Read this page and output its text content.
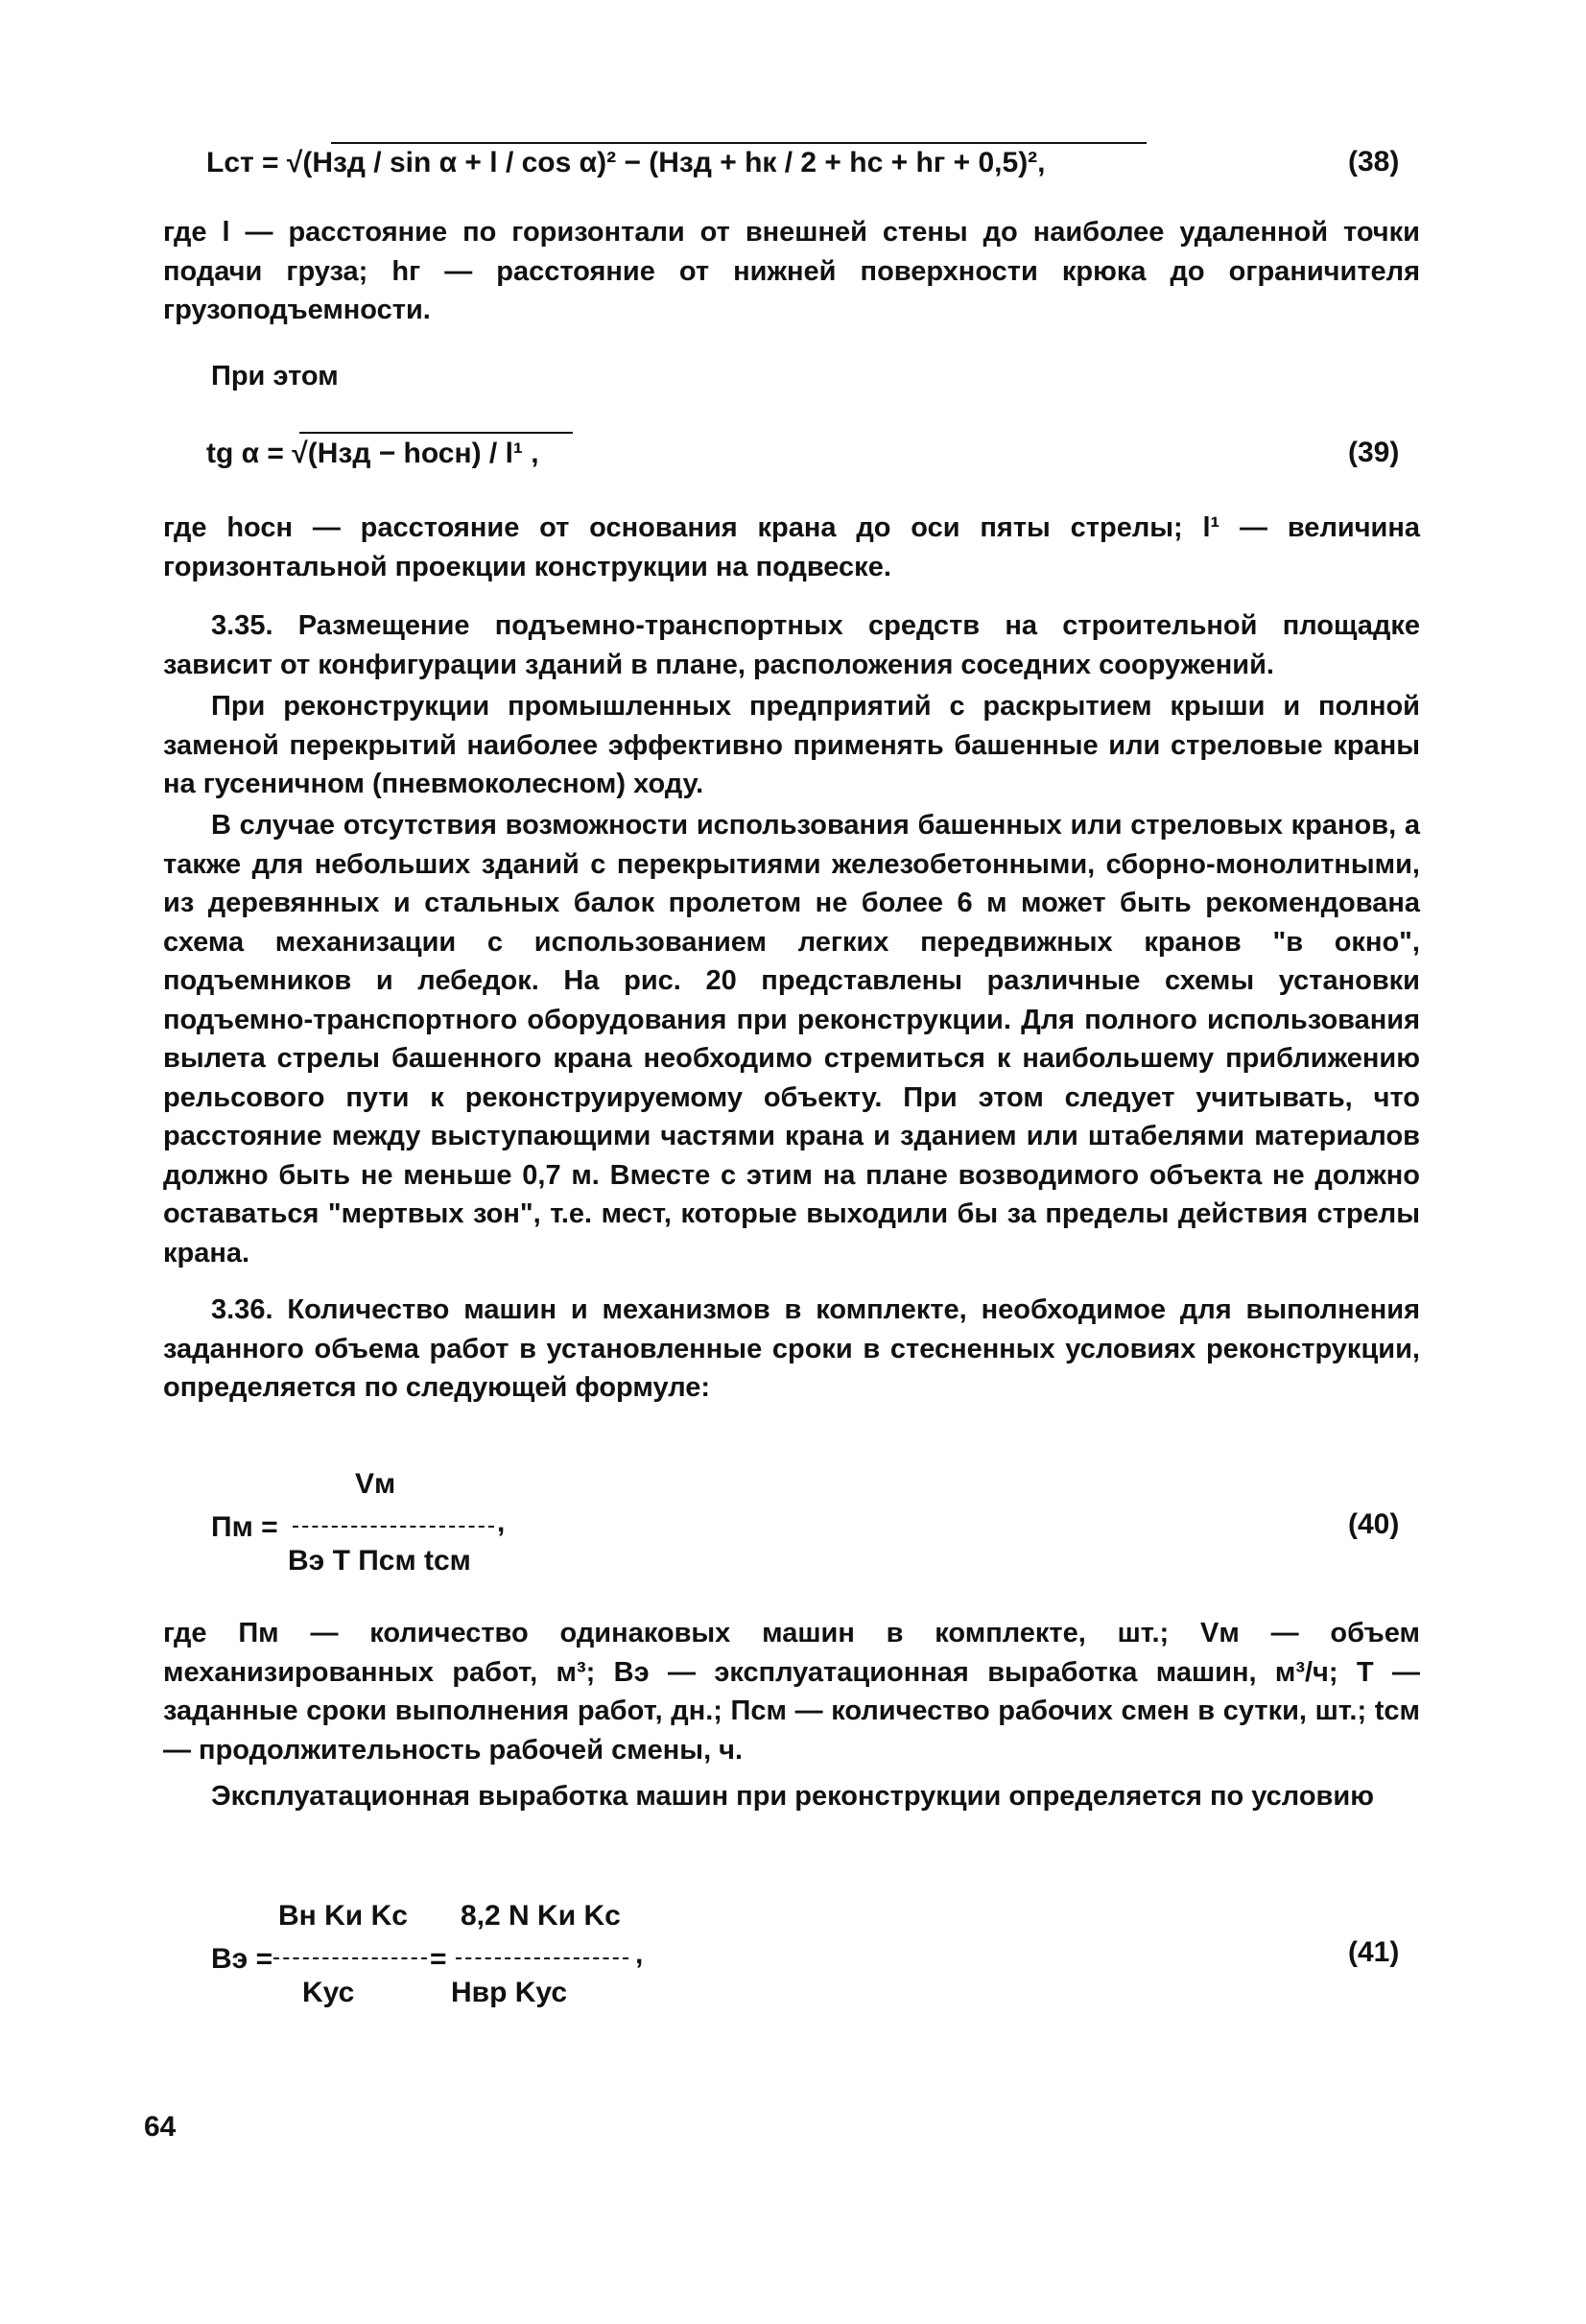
Lст = √(Hзд / sin α + l / cos α)² − (Hзд + hк / 2 + hс + hг + 0,5)²,	(38)
где l — расстояние по горизонтали от внешней стены до наиболее удаленной точки подачи груза; hг — расстояние от нижней поверхности крюка до ограничителя грузоподъемности.
При этом
tg α = √(Hзд − hосн) / l¹ ,	(39)
где hосн — расстояние от основания крана до оси пяты стрелы; l¹ — величина горизонтальной проекции конструкции на подвеске.
3.35. Размещение подъемно-транспортных средств на строительной площадке зависит от конфигурации зданий в плане, расположения соседних сооружений.
При реконструкции промышленных предприятий с раскрытием крыши и полной заменой перекрытий наиболее эффективно применять башенные или стреловые краны на гусеничном (пневмоколесном) ходу.
В случае отсутствия возможности использования башенных или стреловых кранов, а также для небольших зданий с перекрытиями железобетонными, сборно-монолитными, из деревянных и стальных балок пролетом не более 6 м может быть рекомендована схема механизации с использованием легких передвижных кранов "в окно", подъемников и лебедок. На рис. 20 представлены различные схемы установки подъемно-транспортного оборудования при реконструкции. Для полного использования вылета стрелы башенного крана необходимо стремиться к наибольшему приближению рельсового пути к реконструируемому объекту. При этом следует учитывать, что расстояние между выступающими частями крана и зданием или штабелями материалов должно быть не меньше 0,7 м. Вместе с этим на плане возводимого объекта не должно оставаться "мертвых зон", т.е. мест, которые выходили бы за пределы действия стрелы крана.
3.36. Количество машин и механизмов в комплекте, необходимое для выполнения заданного объема работ в установленные сроки в стесненных условиях реконструкции, определяется по следующей формуле:
Пм =
Vм
Bэ T Псм tсм
,	(40)
где Пм — количество одинаковых машин в комплекте, шт.; Vм — объем механизированных работ, м³; Bэ — эксплуатационная выработка машин, м³/ч; T — заданные сроки выполнения работ, дн.; Псм — количество рабочих смен в сутки, шт.; tсм — продолжительность рабочей смены, ч.
Эксплуатационная выработка машин при реконструкции определяется по условию
Bэ =
Bн Kи Kс
Kус
=
8,2 N Kи Kс
Hвр Kус
,	(41)
64
